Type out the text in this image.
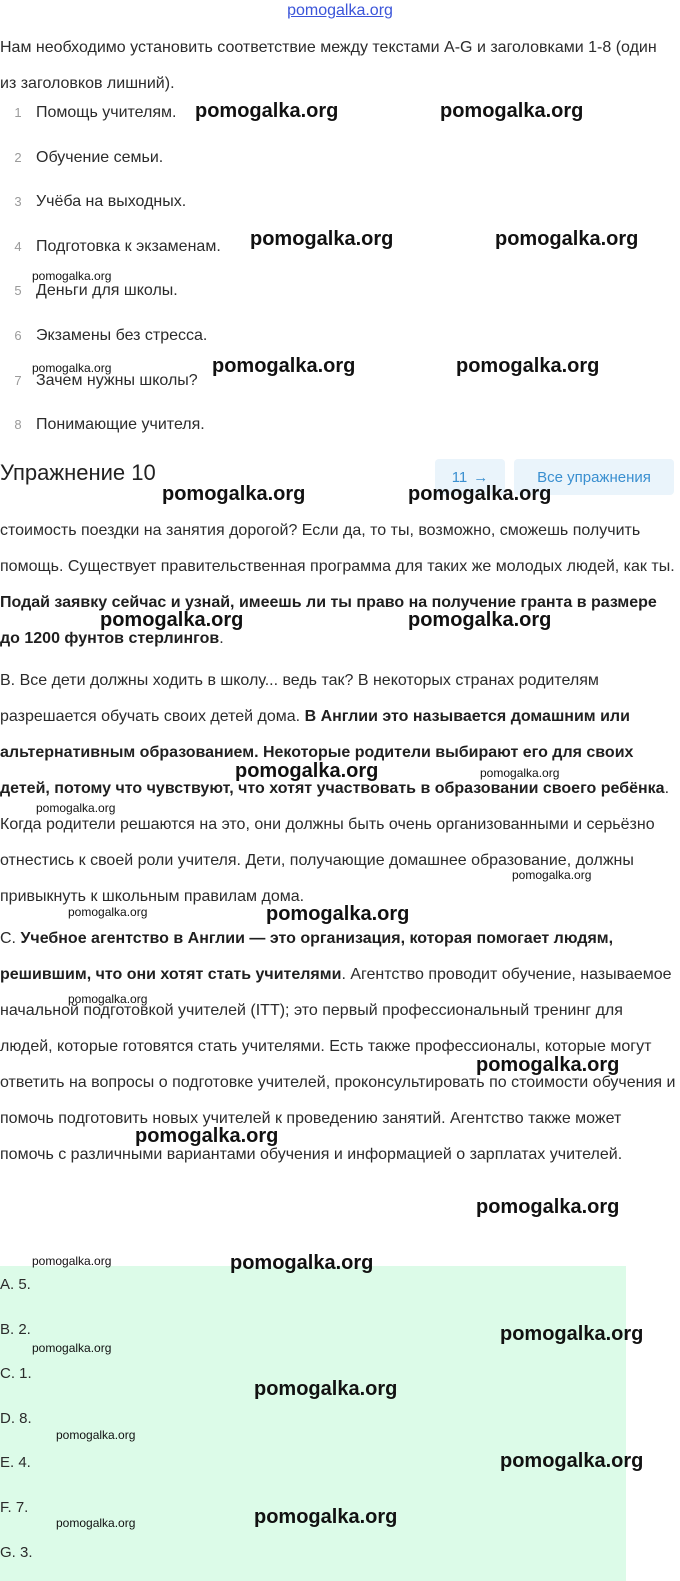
pomogalka.org
Нам необходимо установить соответствие между текстами A-G и заголовками 1-8 (один из заголовков лишний).
1 Помощь учителям.
2 Обучение семьи.
3 Учёба на выходных.
4 Подготовка к экзаменам.
5 Деньги для школы.
6 Экзамены без стресса.
7 Зачем нужны школы?
8 Понимающие учителя.
Упражнение 10	11 →	Все упражнения

стоимость поездки на занятия дорогой? Если да, то ты, возможно, сможешь получить помощь. Существует правительственная программа для таких же молодых людей, как ты. Подай заявку сейчас и узнай, имеешь ли ты право на получение гранта в размере до 1200 фунтов стерлингов.

B. Все дети должны ходить в школу... ведь так? В некоторых странах родителям разрешается обучать своих детей дома. В Англии это называется домашним или альтернативным образованием. Некоторые родители выбирают его для своих детей, потому что чувствуют, что хотят участвовать в образовании своего ребёнка. Когда родители решаются на это, они должны быть очень организованными и серьёзно отнестись к своей роли учителя. Дети, получающие домашнее образование, должны привыкнуть к школьным правилам дома.

C. Учебное агентство в Англии — это организация, которая помогает людям, решившим, что они хотят стать учителями. Агентство проводит обучение, называемое начальной подготовкой учителей (ITT); это первый профессиональный тренинг для людей, которые готовятся стать учителями. Есть также профессионалы, которые могут ответить на вопросы о подготовке учителей, проконсультировать по стоимости обучения и помочь подготовить новых учителей к проведению занятий. Агентство также может помочь с различными вариантами обучения и информацией о зарплатах учителей.

A. 5.
B. 2.
C. 1.
D. 8.
E. 4.
F. 7.
G. 3.
pomogalka.org	pomogalka.org
pomogalka.org	pomogalka.org
pomogalka.org
pomogalka.org	pomogalka.org	pomogalka.org
pomogalka.org	pomogalka.org
pomogalka.org	pomogalka.org
pomogalka.org	pomogalka.org
pomogalka.org
pomogalka.org
pomogalka.org	pomogalka.org
pomogalka.org
pomogalka.org
pomogalka.org
pomogalka.org
pomogalka.org	pomogalka.org
pomogalka.org
pomogalka.org
pomogalka.org
pomogalka.org
pomogalka.org
pomogalka.org	pomogalka.org
